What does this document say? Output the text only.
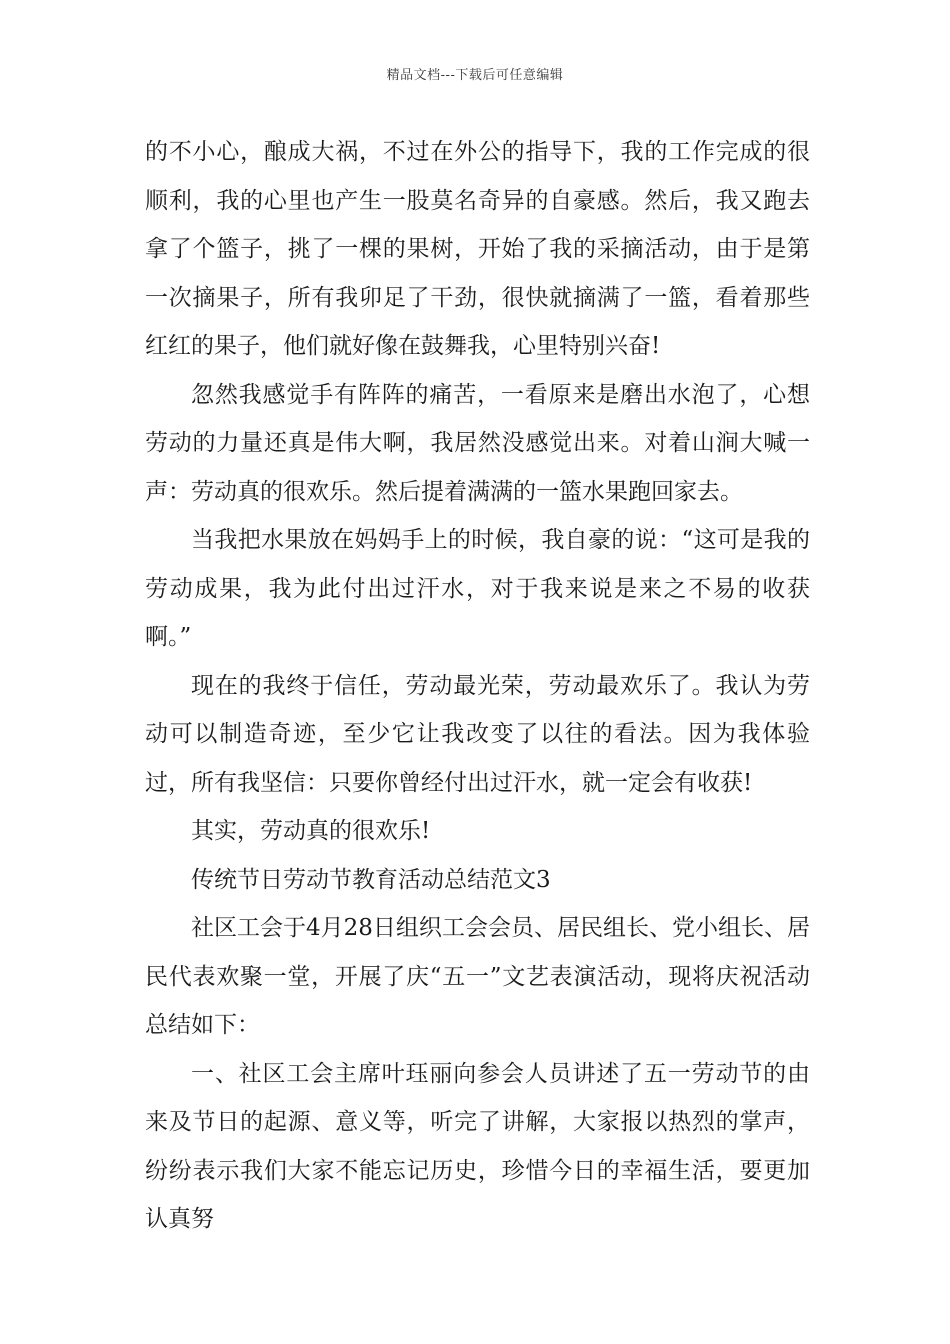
精品文档---下载后可任意编辑

的不小心，酿成大祸，不过在外公的指导下，我的工作完成的很顺利，我的心里也产生一股莫名奇异的自豪感。然后，我又跑去拿了个篮子，挑了一棵的果树，开始了我的采摘活动，由于是第一次摘果子，所有我卯足了干劲，很快就摘满了一篮，看着那些红红的果子，他们就好像在鼓舞我，心里特别兴奋!

忽然我感觉手有阵阵的痛苦，一看原来是磨出水泡了，心想劳动的力量还真是伟大啊，我居然没感觉出来。对着山涧大喊一声：劳动真的很欢乐。然后提着满满的一篮水果跑回家去。

当我把水果放在妈妈手上的时候，我自豪的说：“这可是我的劳动成果，我为此付出过汗水，对于我来说是来之不易的收获啊。”

现在的我终于信任，劳动最光荣，劳动最欢乐了。我认为劳动可以制造奇迹，至少它让我改变了以往的看法。因为我体验过，所有我坚信：只要你曾经付出过汗水，就一定会有收获!

其实，劳动真的很欢乐!

传统节日劳动节教育活动总结范文3

社区工会于4月28日组织工会会员、居民组长、党小组长、居民代表欢聚一堂，开展了庆“五一”文艺表演活动，现将庆祝活动总结如下：

一、社区工会主席叶珏丽向参会人员讲述了五一劳动节的由来及节日的起源、意义等，听完了讲解，大家报以热烈的掌声，纷纷表示我们大家不能忘记历史，珍惜今日的幸福生活，要更加认真努
